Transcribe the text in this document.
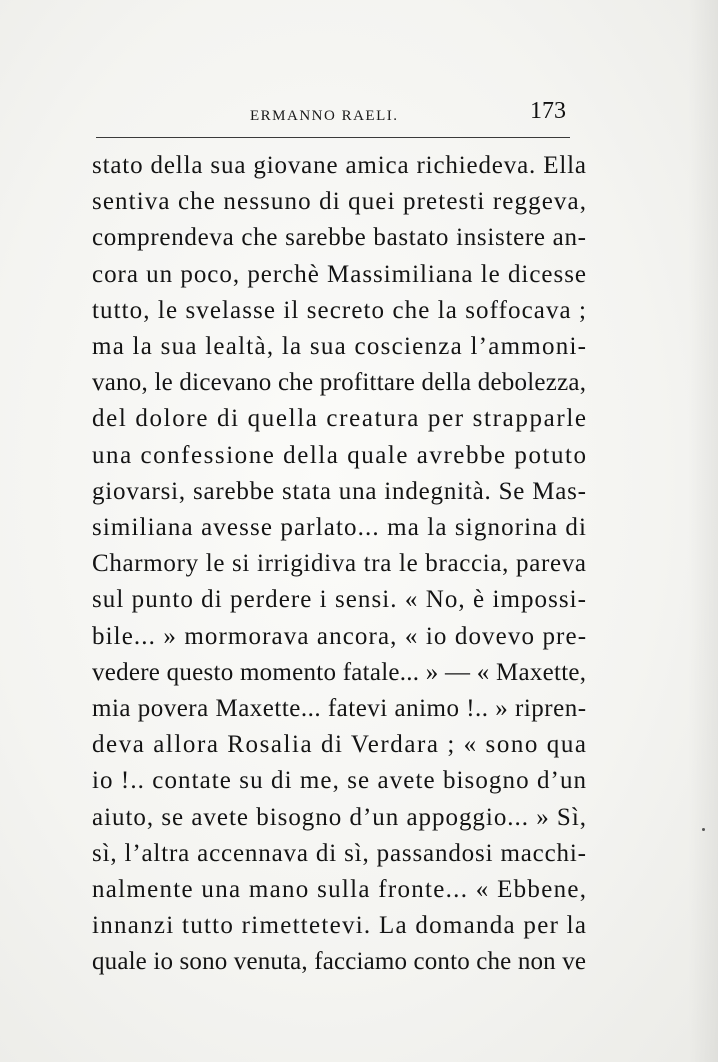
ERMANNO RAELI.	173
stato della sua giovane amica richiedeva. Ella
sentiva che nessuno di quei pretesti reggeva,
comprendeva che sarebbe bastato insistere an-
cora un poco, perchè Massimiliana le dicesse
tutto, le svelasse il secreto che la soffocava ;
ma la sua lealtà, la sua coscienza l’ammoni-
vano, le dicevano che profittare della debolezza,
del dolore di quella creatura per strapparle
una confessione della quale avrebbe potuto
giovarsi, sarebbe stata una indegnità. Se Mas-
similiana avesse parlato... ma la signorina di
Charmory le si irrigidiva tra le braccia, pareva
sul punto di perdere i sensi. « No, è impossi-
bile... » mormorava ancora, « io dovevo pre-
vedere questo momento fatale... » — « Maxette,
mia povera Maxette... fatevi animo !.. » ripren-
deva allora Rosalia di Verdara ; « sono qua
io !.. contate su di me, se avete bisogno d’un
aiuto, se avete bisogno d’un appoggio... » Sì,
sì, l’altra accennava di sì, passandosi macchi-
nalmente una mano sulla fronte... « Ebbene,
innanzi tutto rimettetevi. La domanda per la
quale io sono venuta, facciamo conto che non ve
